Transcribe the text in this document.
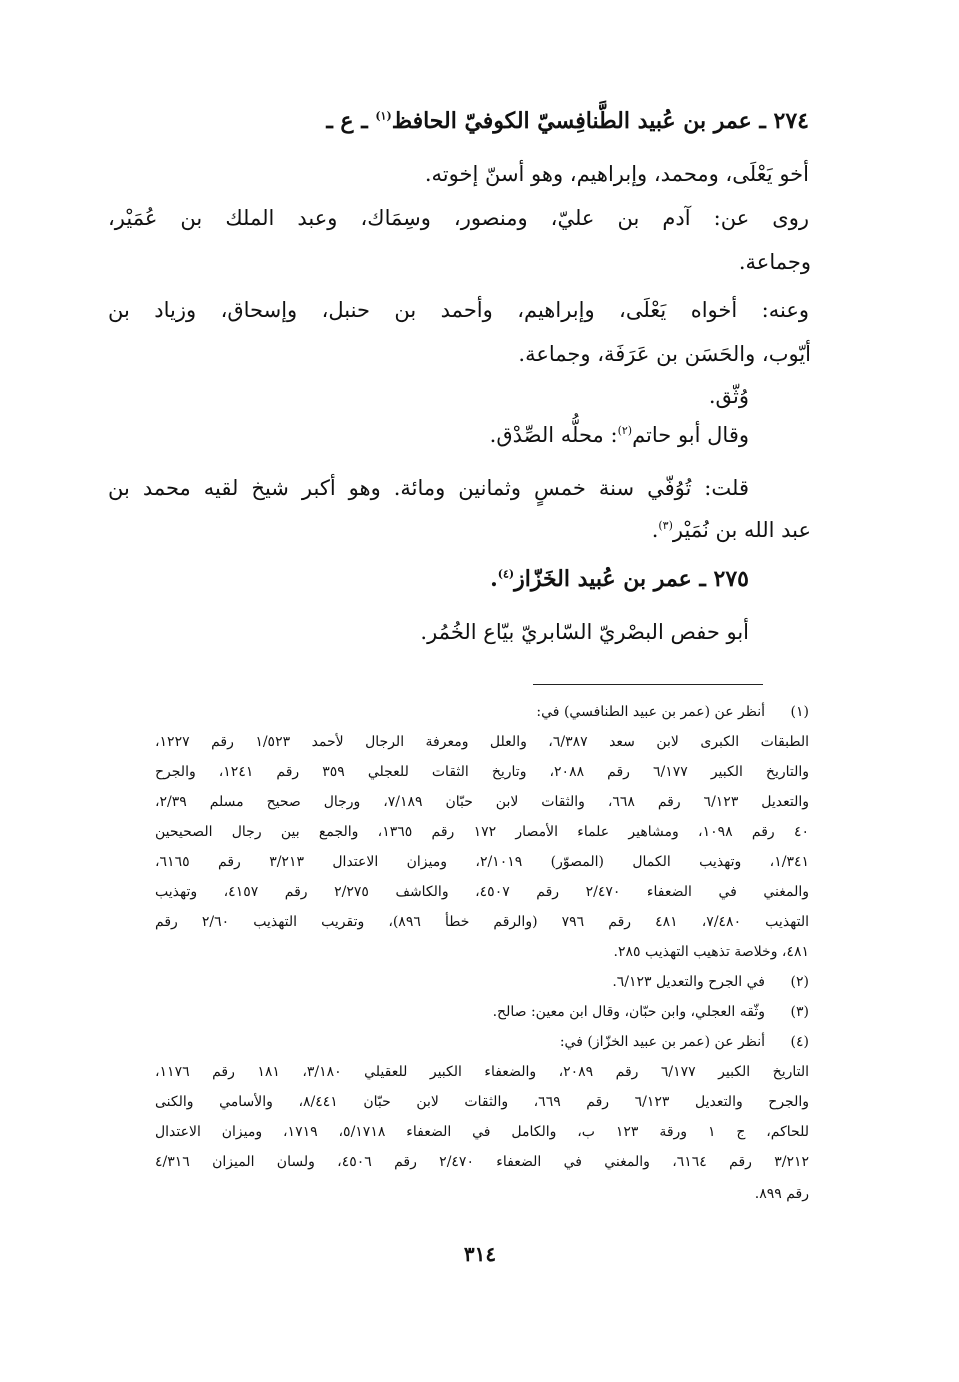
٢٧٤ ـ عمر بن عُبيد الطَّنافِسيّ الكوفيّ الحافظ$^{(١)}$ ـ ع ـ
أخو يَعْلَى، ومحمد، وإبراهيم، وهو أسنّ إخوته.
روى عن: آدم بن عليّ، ومنصور، وسِمَاك، وعبد الملك بن عُمَيْر،
وجماعة.
وعنه: أخواه يَعْلَى، وإبراهيم، وأحمد بن حنبل، وإسحاق، وزياد بن
أيّوب، والحَسَن بن عَرَفَة، وجماعة.
وُثّق.
وقال أبو حاتم$^{(٢)}$: محلُّه الصِّدْق.
قلت: تُوُفّي سنة خمسٍ وثمانين ومائة. وهو أكبر شيخ لقيه محمد بن
عبد الله بن نُمَيْر$^{(٣)}$.
٢٧٥ ـ عمر بن عُبيد الخَزّاز$^{(٤)}$.
أبو حفص البصْريّ السّابريّ بيّاع الخُمُر.
(١)
أنظر عن (عمر بن عبيد الطنافسي) في:
الطبقات الكبرى لابن سعد ٦/٣٨٧، والعلل ومعرفة الرجال لأحمد ١/٥٢٣ رقم ١٢٢٧،
والتاريخ الكبير ٦/١٧٧ رقم ٢٠٨٨، وتاريخ الثقات للعجلي ٣٥٩ رقم ١٢٤١، والجرح
والتعديل ٦/١٢٣ رقم ٦٦٨، والثقات لابن حبّان ٧/١٨٩، ورجال صحيح مسلم ٢/٣٩،
٤٠ رقم ١٠٩٨، ومشاهير علماء الأمصار ١٧٢ رقم ١٣٦٥، والجمع بين رجال الصحيحين
١/٣٤١، وتهذيب الكمال (المصوّر) ٢/١٠١٩، وميزان الاعتدال ٣/٢١٣ رقم ٦١٦٥،
والمغني في الضعفاء ٢/٤٧٠ رقم ٤٥٠٧، والكاشف ٢/٢٧٥ رقم ٤١٥٧، وتهذيب
التهذيب ٧/٤٨٠، ٤٨١ رقم ٧٩٦ (والرقم خطأ ٨٩٦)، وتقريب التهذيب ٢/٦٠ رقم
٤٨١، وخلاصة تذهيب التهذيب ٢٨٥.
(٢)
في الجرح والتعديل ٦/١٢٣.
(٣)
وثّقه العجلي، وابن حبّان، وقال ابن معين: صالح.
(٤)
أنظر عن (عمر بن عبيد الخزّاز) في:
التاريخ الكبير ٦/١٧٧ رقم ٢٠٨٩، والضعفاء الكبير للعقيلي ٣/١٨٠، ١٨١ رقم ١١٧٦،
والجرح والتعديل ٦/١٢٣ رقم ٦٦٩، والثقات لابن حبّان ٨/٤٤١، والأسامي والكنى
للحاكم، ج ١ ورقة ١٢٣ ب، والكامل في الضعفاء ٥/١٧١٨، ١٧١٩، وميزان الاعتدال
٣/٢١٢ رقم ٦١٦٤، والمغني في الضعفاء ٢/٤٧٠ رقم ٤٥٠٦، ولسان الميزان ٤/٣١٦
رقم ٨٩٩.
٣١٤
